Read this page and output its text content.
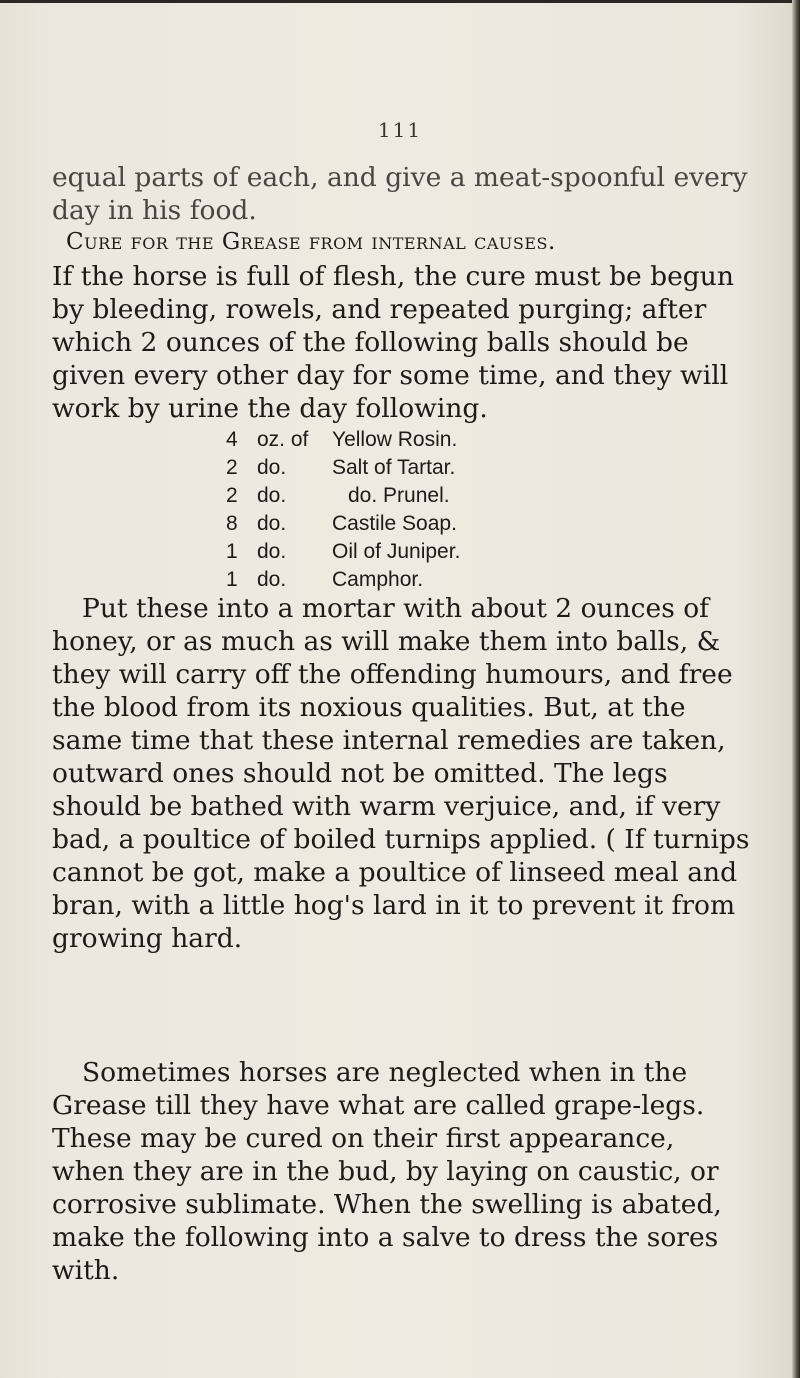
111

equal parts of each, and give a meat-spoonful every day in his food.

Cure for the Grease from internal causes.

If the horse is full of flesh, the cure must be begun by bleeding, rowels, and repeated purging; after which 2 ounces of the following balls should be given every other day for some time, and they will work by urine the day following.

4 oz. of Yellow Rosin.
2 do. Salt of Tartar.
2 do.	do. Prunel.
8 do. Castile Soap.
1 do. Oil of Juniper.
1 do. Camphor.

Put these into a mortar with about 2 ounces of honey, or as much as will make them into balls, & they will carry off the offending humours, and free the blood from its noxious qualities. But, at the same time that these internal remedies are taken, outward ones should not be omitted. The legs should be bathed with warm verjuice, and, if very bad, a poultice of boiled turnips applied. ( If turnips cannot be got, make a poultice of linseed meal and bran, with a little hog's lard in it to prevent it from growing hard.

Sometimes horses are neglected when in the Grease till they have what are called grape-legs. These may be cured on their first appearance, when they are in the bud, by laying on caustic, or corrosive sublimate. When the swelling is abated, make the following into a salve to dress the sores with.
